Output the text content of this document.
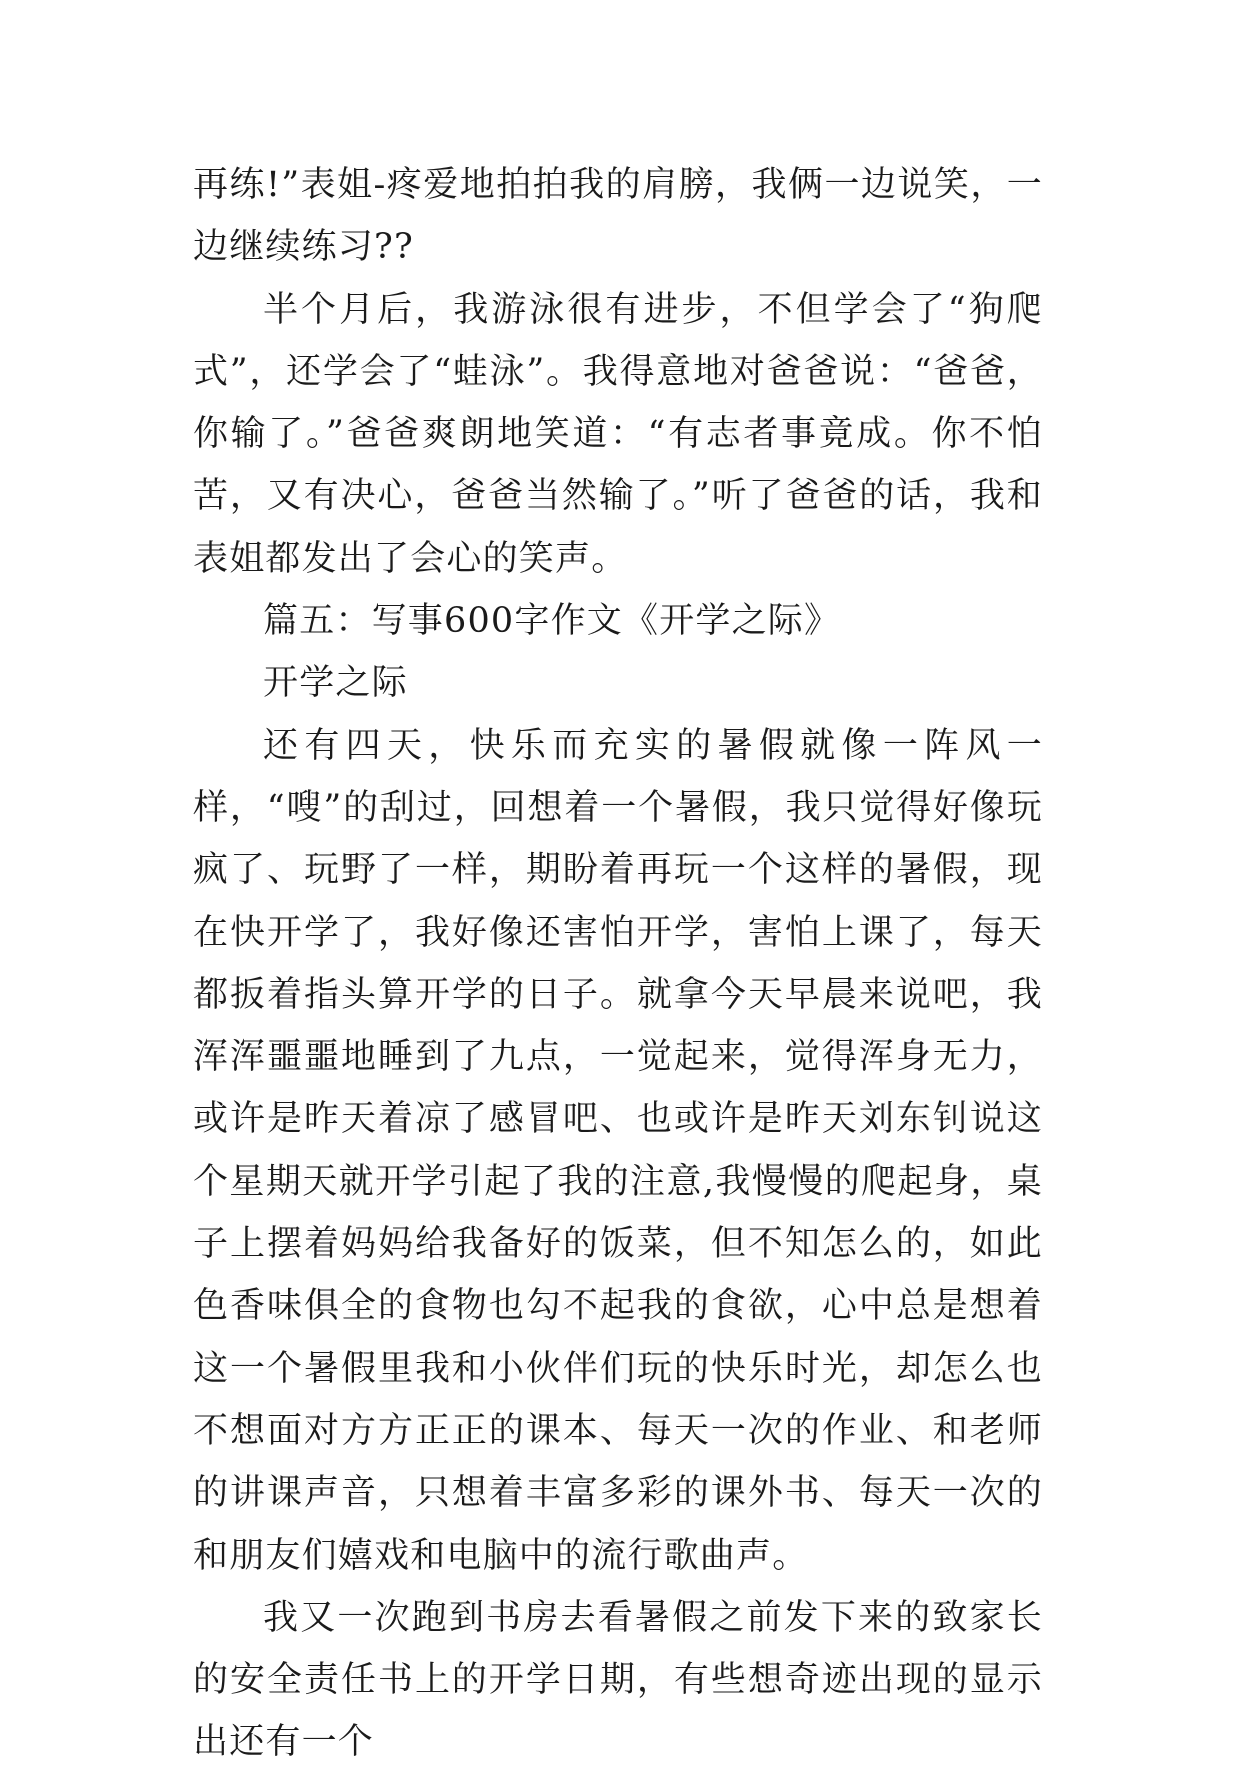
再练!”表姐-疼爱地拍拍我的肩膀，我俩一边说笑，一边继续练习??

半个月后，我游泳很有进步，不但学会了“狗爬式”，还学会了“蛙泳”。我得意地对爸爸说：“爸爸，你输了。”爸爸爽朗地笑道：“有志者事竟成。你不怕苦，又有决心，爸爸当然输了。”听了爸爸的话，我和表姐都发出了会心的笑声。

篇五：写事600字作文《开学之际》

开学之际

还有四天，快乐而充实的暑假就像一阵风一样，“嗖”的刮过，回想着一个暑假，我只觉得好像玩疯了、玩野了一样，期盼着再玩一个这样的暑假，现在快开学了，我好像还害怕开学，害怕上课了，每天都扳着指头算开学的日子。就拿今天早晨来说吧，我浑浑噩噩地睡到了九点，一觉起来，觉得浑身无力，或许是昨天着凉了感冒吧、也或许是昨天刘东钊说这个星期天就开学引起了我的注意,我慢慢的爬起身，桌子上摆着妈妈给我备好的饭菜，但不知怎么的，如此色香味俱全的食物也勾不起我的食欲，心中总是想着这一个暑假里我和小伙伴们玩的快乐时光，却怎么也不想面对方方正正的课本、每天一次的作业、和老师的讲课声音，只想着丰富多彩的课外书、每天一次的和朋友们嬉戏和电脑中的流行歌曲声。

我又一次跑到书房去看暑假之前发下来的致家长的安全责任书上的开学日期，有些想奇迹出现的显示出还有一个
